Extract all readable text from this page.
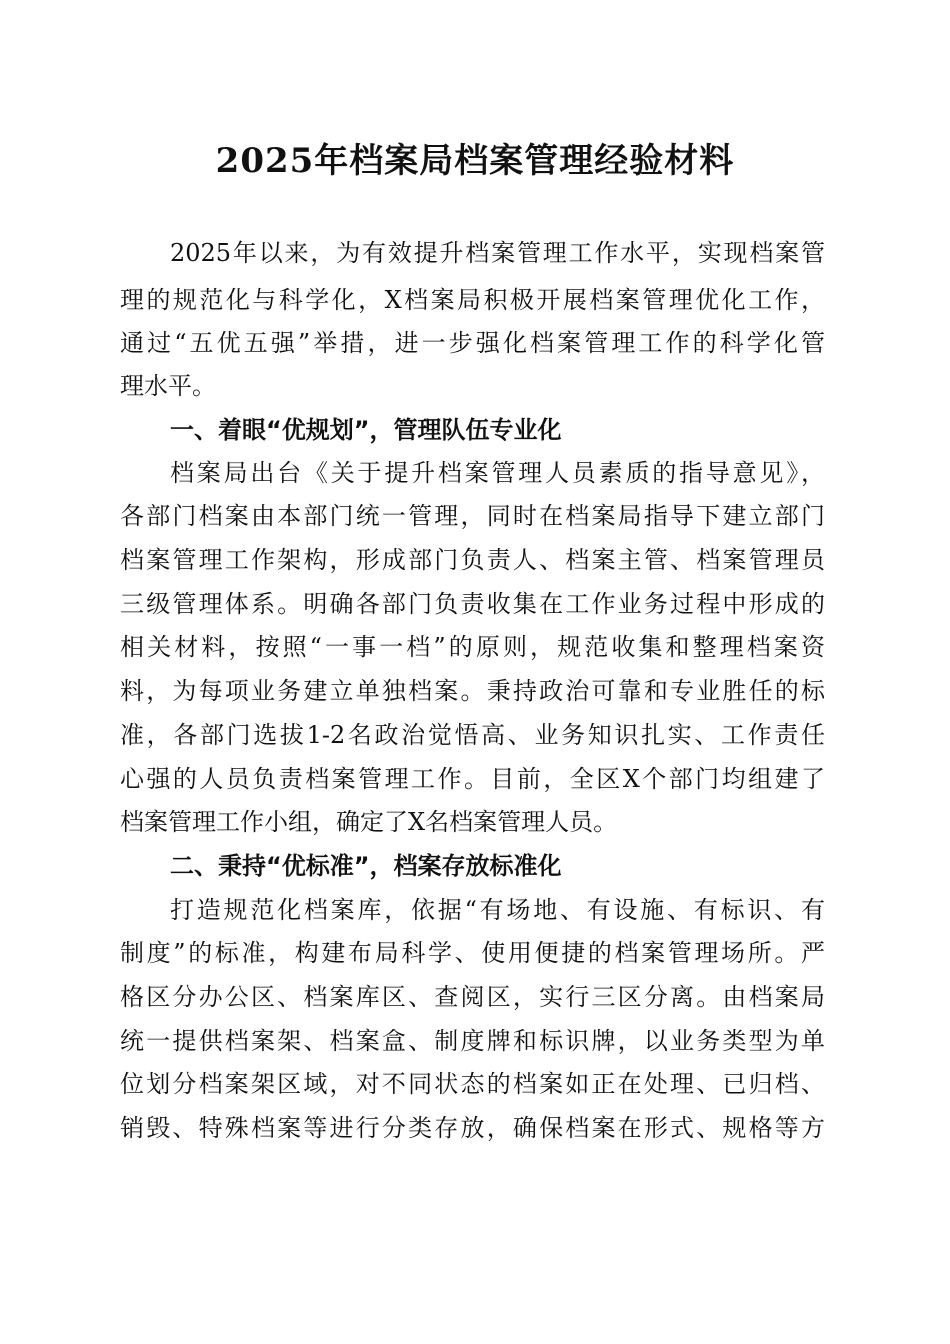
2025年档案局档案管理经验材料

2025年以来，为有效提升档案管理工作水平，实现档案管

理的规范化与科学化，X档案局积极开展档案管理优化工作，

通过“五优五强”举措，进一步强化档案管理工作的科学化管

理水平。

一、着眼“优规划”，管理队伍专业化

档案局出台《关于提升档案管理人员素质的指导意见》，

各部门档案由本部门统一管理，同时在档案局指导下建立部门

档案管理工作架构，形成部门负责人、档案主管、档案管理员

三级管理体系。明确各部门负责收集在工作业务过程中形成的

相关材料，按照“一事一档”的原则，规范收集和整理档案资

料，为每项业务建立单独档案。秉持政治可靠和专业胜任的标

准，各部门选拔1-2名政治觉悟高、业务知识扎实、工作责任

心强的人员负责档案管理工作。目前，全区X个部门均组建了

档案管理工作小组，确定了X名档案管理人员。

二、秉持“优标准”，档案存放标准化

打造规范化档案库，依据“有场地、有设施、有标识、有

制度”的标准，构建布局科学、使用便捷的档案管理场所。严

格区分办公区、档案库区、查阅区，实行三区分离。由档案局

统一提供档案架、档案盒、制度牌和标识牌，以业务类型为单

位划分档案架区域，对不同状态的档案如正在处理、已归档、

销毁、特殊档案等进行分类存放，确保档案在形式、规格等方
